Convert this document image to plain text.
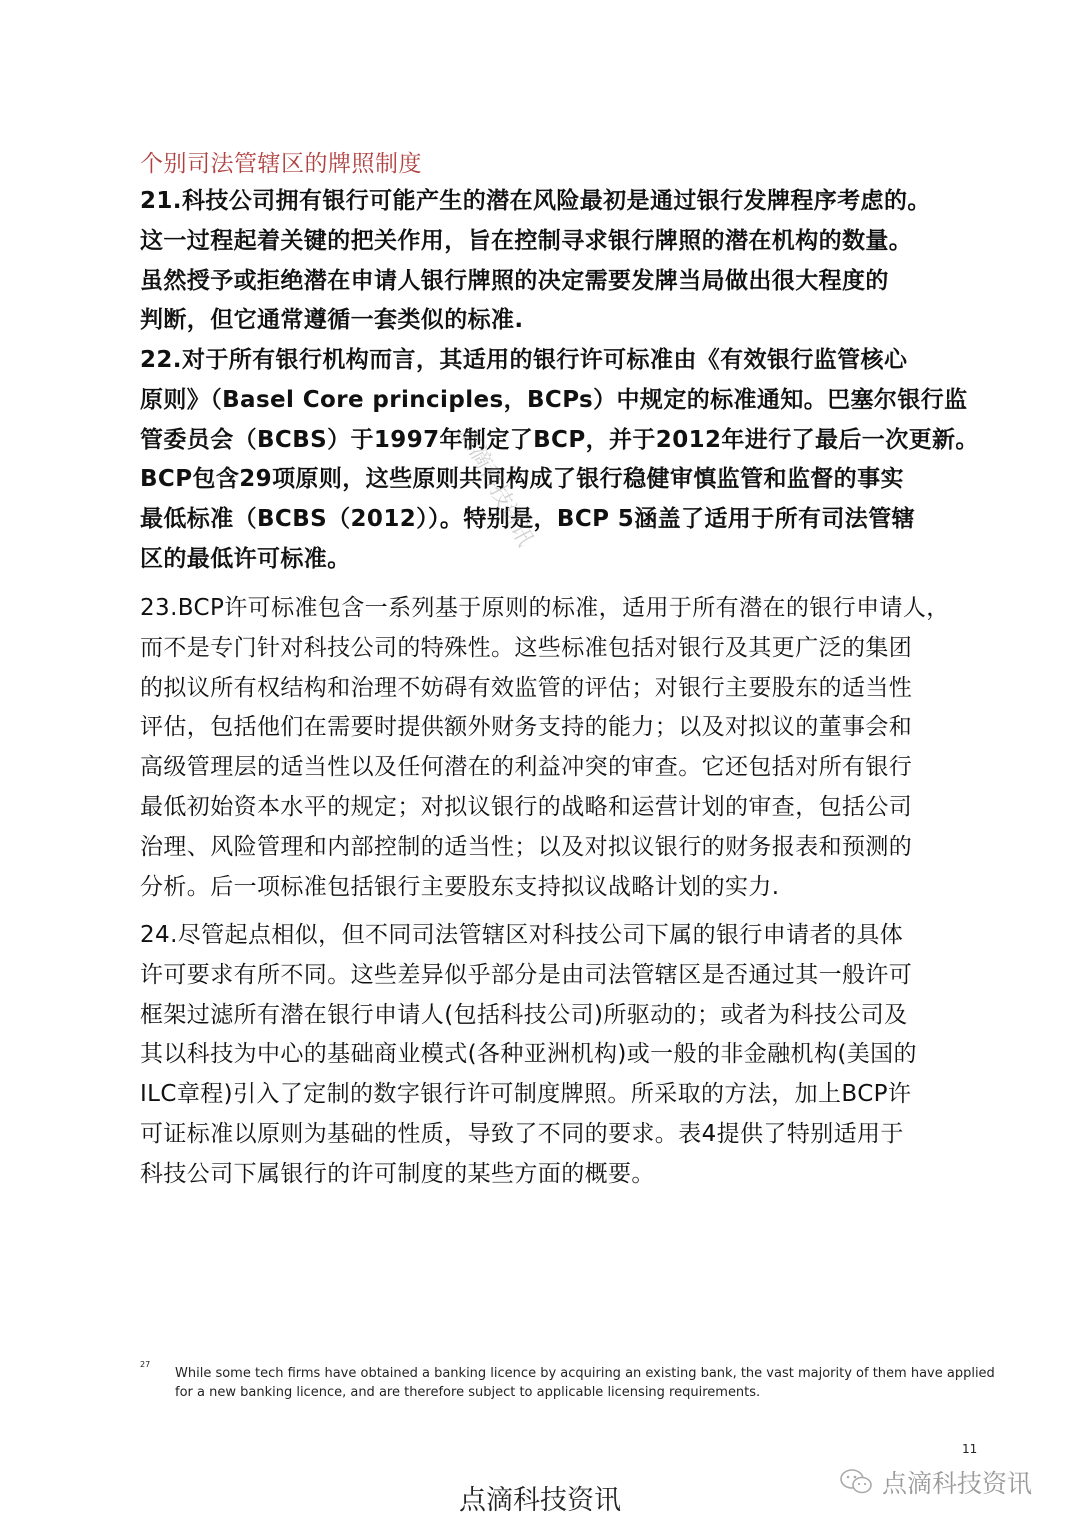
个别司法管辖区的牌照制度
21.科技公司拥有银行可能产生的潜在风险最初是通过银行发牌程序考虑的。
这一过程起着关键的把关作用，旨在控制寻求银行牌照的潜在机构的数量。
虽然授予或拒绝潜在申请人银行牌照的决定需要发牌当局做出很大程度的
判断，但它通常遵循一套类似的标准.
22.对于所有银行机构而言，其适用的银行许可标准由《有效银行监管核心
原则》（Basel Core principles，BCPs）中规定的标准通知。巴塞尔银行监
管委员会（BCBS）于1997年制定了BCP，并于2012年进行了最后一次更新。
BCP包含29项原则，这些原则共同构成了银行稳健审慎监管和监督的事实
最低标准（BCBS（2012））。特别是，BCP 5涵盖了适用于所有司法管辖
区的最低许可标准。
23.BCP许可标准包含一系列基于原则的标准，适用于所有潜在的银行申请人，
而不是专门针对科技公司的特殊性。这些标准包括对银行及其更广泛的集团
的拟议所有权结构和治理不妨碍有效监管的评估；对银行主要股东的适当性
评估，包括他们在需要时提供额外财务支持的能力；以及对拟议的董事会和
高级管理层的适当性以及任何潜在的利益冲突的审查。它还包括对所有银行
最低初始资本水平的规定；对拟议银行的战略和运营计划的审查，包括公司
治理、风险管理和内部控制的适当性；以及对拟议银行的财务报表和预测的
分析。后一项标准包括银行主要股东支持拟议战略计划的实力.
24.尽管起点相似，但不同司法管辖区对科技公司下属的银行申请者的具体
许可要求有所不同。这些差异似乎部分是由司法管辖区是否通过其一般许可
框架过滤所有潜在银行申请人(包括科技公司)所驱动的；或者为科技公司及
其以科技为中心的基础商业模式(各种亚洲机构)或一般的非金融机构(美国的
ILC章程)引入了定制的数字银行许可制度牌照。所采取的方法，加上BCP许
可证标准以原则为基础的性质，导致了不同的要求。表4提供了特别适用于
科技公司下属银行的许可制度的某些方面的概要。
点滴科技资讯
27
While some tech firms have obtained a banking licence by acquiring an existing bank, the vast majority of them have applied
for a new banking licence, and are therefore subject to applicable licensing requirements.
11
点滴科技资讯
点滴科技资讯
